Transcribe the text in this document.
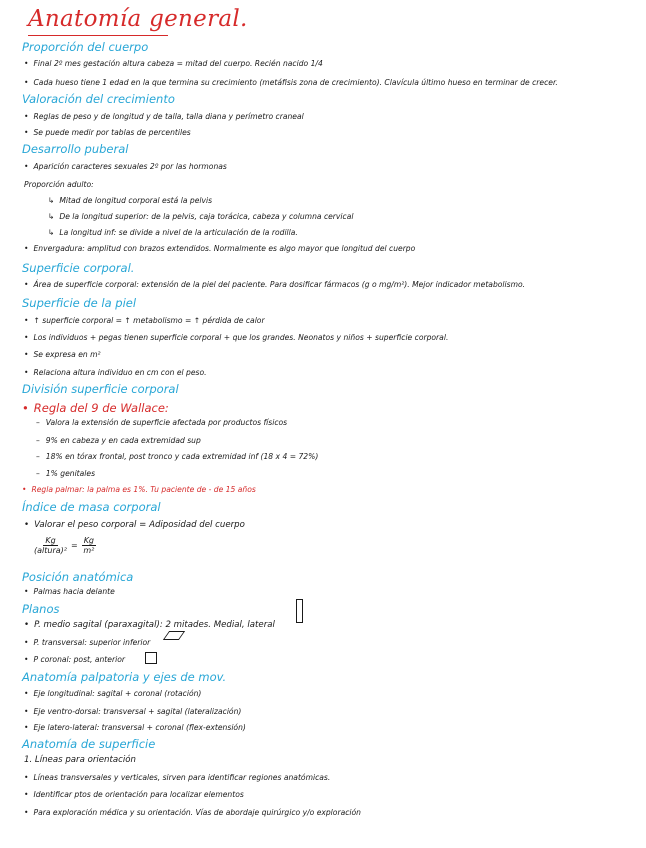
Anatomía general.
Proporción del cuerpo
• Final 2º mes gestación altura cabeza = mitad del cuerpo. Recién nacido 1/4
• Cada hueso tiene 1 edad en la que termina su crecimiento (metáfisis zona de crecimiento). Clavícula último hueso en terminar de crecer.
Valoración del crecimiento
• Reglas de peso y de longitud y de talla, talla diana y perímetro craneal
• Se puede medir por tablas de percentiles
Desarrollo puberal
• Aparición caracteres sexuales 2º por las hormonas
Proporción adulto:
↳ Mitad de longitud corporal está la pelvis
↳ De la longitud superior: de la pelvis, caja torácica, cabeza y columna cervical
↳ La longitud inf: se divide a nivel de la articulación de la rodilla.
• Envergadura: amplitud con brazos extendidos. Normalmente es algo mayor que longitud del cuerpo
Superficie corporal.
• Área de superficie corporal: extensión de la piel del paciente. Para dosificar fármacos (g o mg/m²). Mejor indicador metabolismo.
Superficie de la piel
• ↑ superficie corporal = ↑ metabolismo = ↑ pérdida de calor
• Los individuos + pegas tienen superficie corporal + que los grandes. Neonatos y niños + superficie corporal.
• Se expresa en m²
• Relaciona altura individuo en cm con el peso.
División superficie corporal
• Regla del 9 de Wallace:
– Valora la extensión de superficie afectada por productos físicos
– 9% en cabeza y en cada extremidad sup
– 18% en tórax frontal, post tronco y cada extremidad inf (18 x 4 = 72%)
– 1% genitales
• Regla palmar: la palma es 1%. Tu paciente de - de 15 años
Índice de masa corporal
• Valorar el peso corporal = Adiposidad del cuerpo
Posición anatómica
• Palmas hacia delante
Planos
• P. medio sagital (paraxagital): 2 mitades. Medial, lateral
• P. transversal: superior inferior
• P coronal: post, anterior
Anatomía palpatoria y ejes de mov.
• Eje longitudinal: sagital + coronal (rotación)
• Eje ventro-dorsal: transversal + sagital (lateralización)
• Eje latero-lateral: transversal + coronal (flex-extensión)
Anatomía de superficie
1. Líneas para orientación
• Líneas transversales y verticales, sirven para identificar regiones anatómicas.
• Identificar ptos de orientación para localizar elementos
• Para exploración médica y su orientación. Vías de abordaje quirúrgico y/o exploración
Kg
(altura)²
= $\frac{Kg}{\text{m²}}$
